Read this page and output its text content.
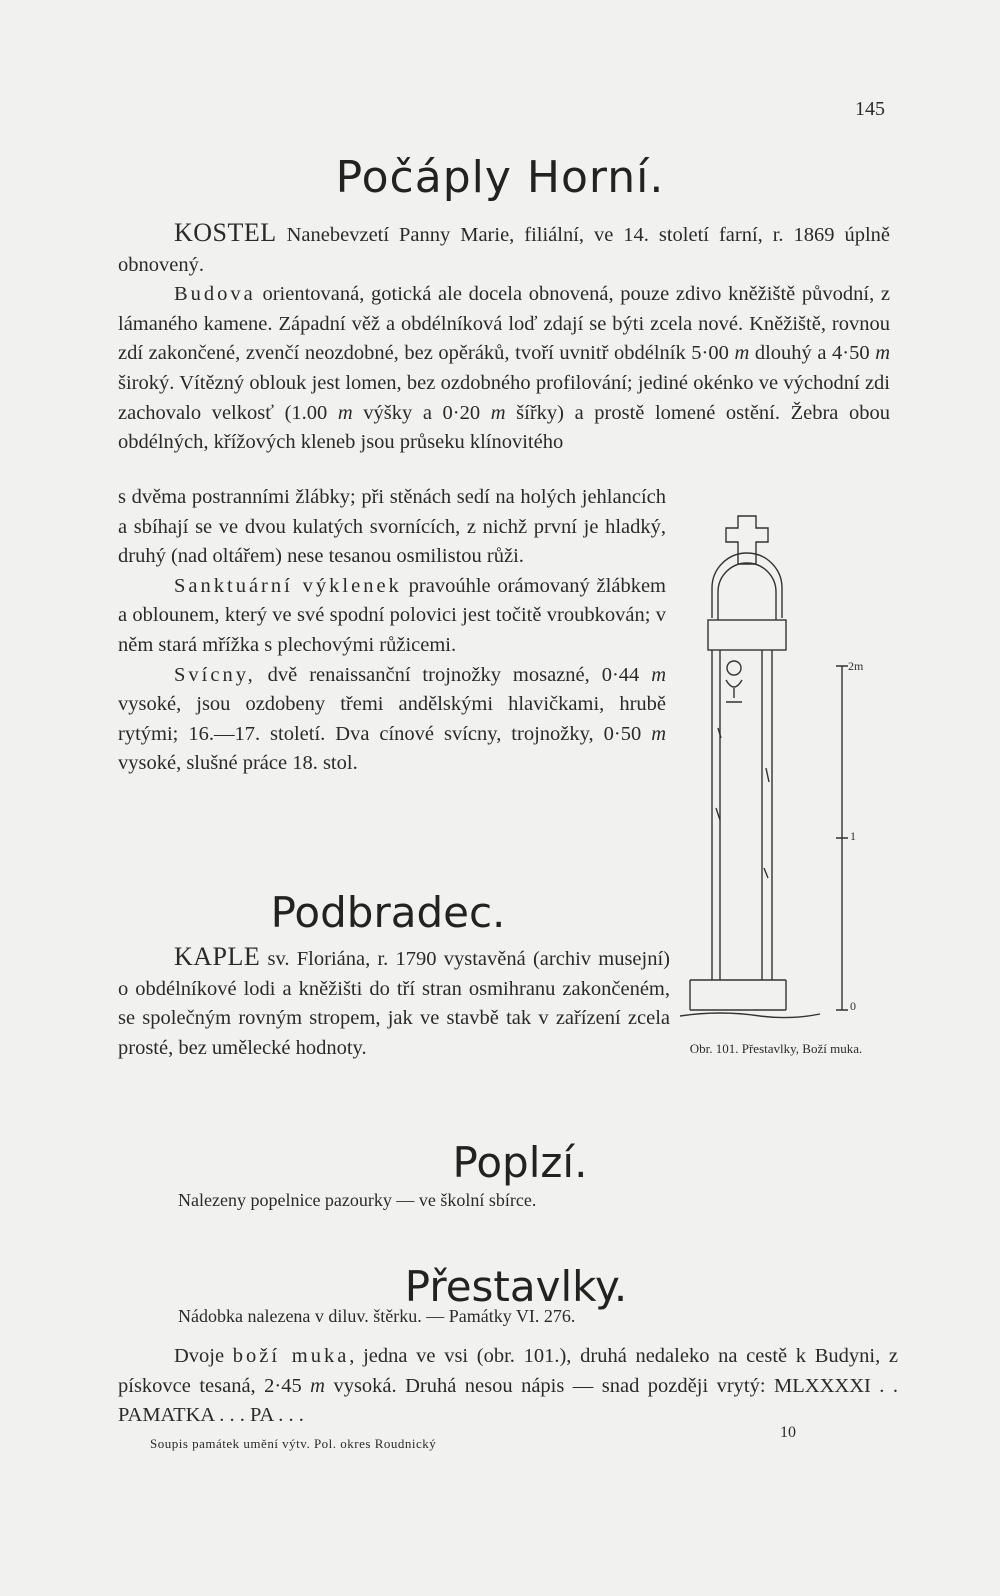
145
Počáply Horní.

KOSTEL Nanebevzetí Panny Marie, filiální, ve 14. století farní, r. 1869 úplně obnovený.

Budova orientovaná, gotická ale docela obnovená, pouze zdivo kněžiště původní, z lámaného kamene. Západní věž a obdélníková loď zdají se býti zcela nové. Kněžiště, rovnou zdí zakončené, zvenčí neozdobné, bez opěráků, tvoří uvnitř obdélník 5·00 m dlouhý a 4·50 m široký. Vítězný oblouk jest lomen, bez ozdobného profilování; jediné okénko ve východní zdi zachovalo velkosť (1.00 m výšky a 0·20 m šířky) a prostě lomené ostění. Žebra obou obdélných, křížových kleneb jsou průseku klínovitého

s dvěma postranními žlábky; při stěnách sedí na holých jehlancích a sbíhají se ve dvou kulatých svornících, z nichž první je hladký, druhý (nad oltářem) nese tesanou osmilistou růži.

Sanktuární výklenek pravoúhle orámovaný žlábkem a oblounem, který ve své spodní polovici jest točitě vroubkován; v něm stará mřížka s plechovými růžicemi.

Svícny, dvě renaissanční trojnožky mosazné, 0·44 m vysoké, jsou ozdobeny třemi andělskými hlavičkami, hrubě rytými; 16.—17. století. Dva cínové svícny, trojnožky, 0·50 m vysoké, slušné práce 18. stol.

Podbradec.

KAPLE sv. Floriána, r. 1790 vystavěná (archiv musejní) o obdélníkové lodi a kněžišti do tří stran osmihranu zakončeném, se společným rovným stropem, jak ve stavbě tak v zařízení zcela prosté, bez umělecké hodnoty.

2m
1
0
Obr. 101. Přestavlky, Boží muka.
Poplzí.
Nalezeny popelnice pazourky — ve školní sbírce.
Přestavlky.
Nádobka nalezena v diluv. štěrku. — Památky VI. 276.

Dvoje boží muka, jedna ve vsi (obr. 101.), druhá nedaleko na cestě k Budyni, z pískovce tesaná, 2·45 m vysoká. Druhá nesou nápis — snad později vrytý: MLXXXXI . . PAMATKA . . . PA . . .

Soupis památek umění výtv. Pol. okres Roudnický
10
